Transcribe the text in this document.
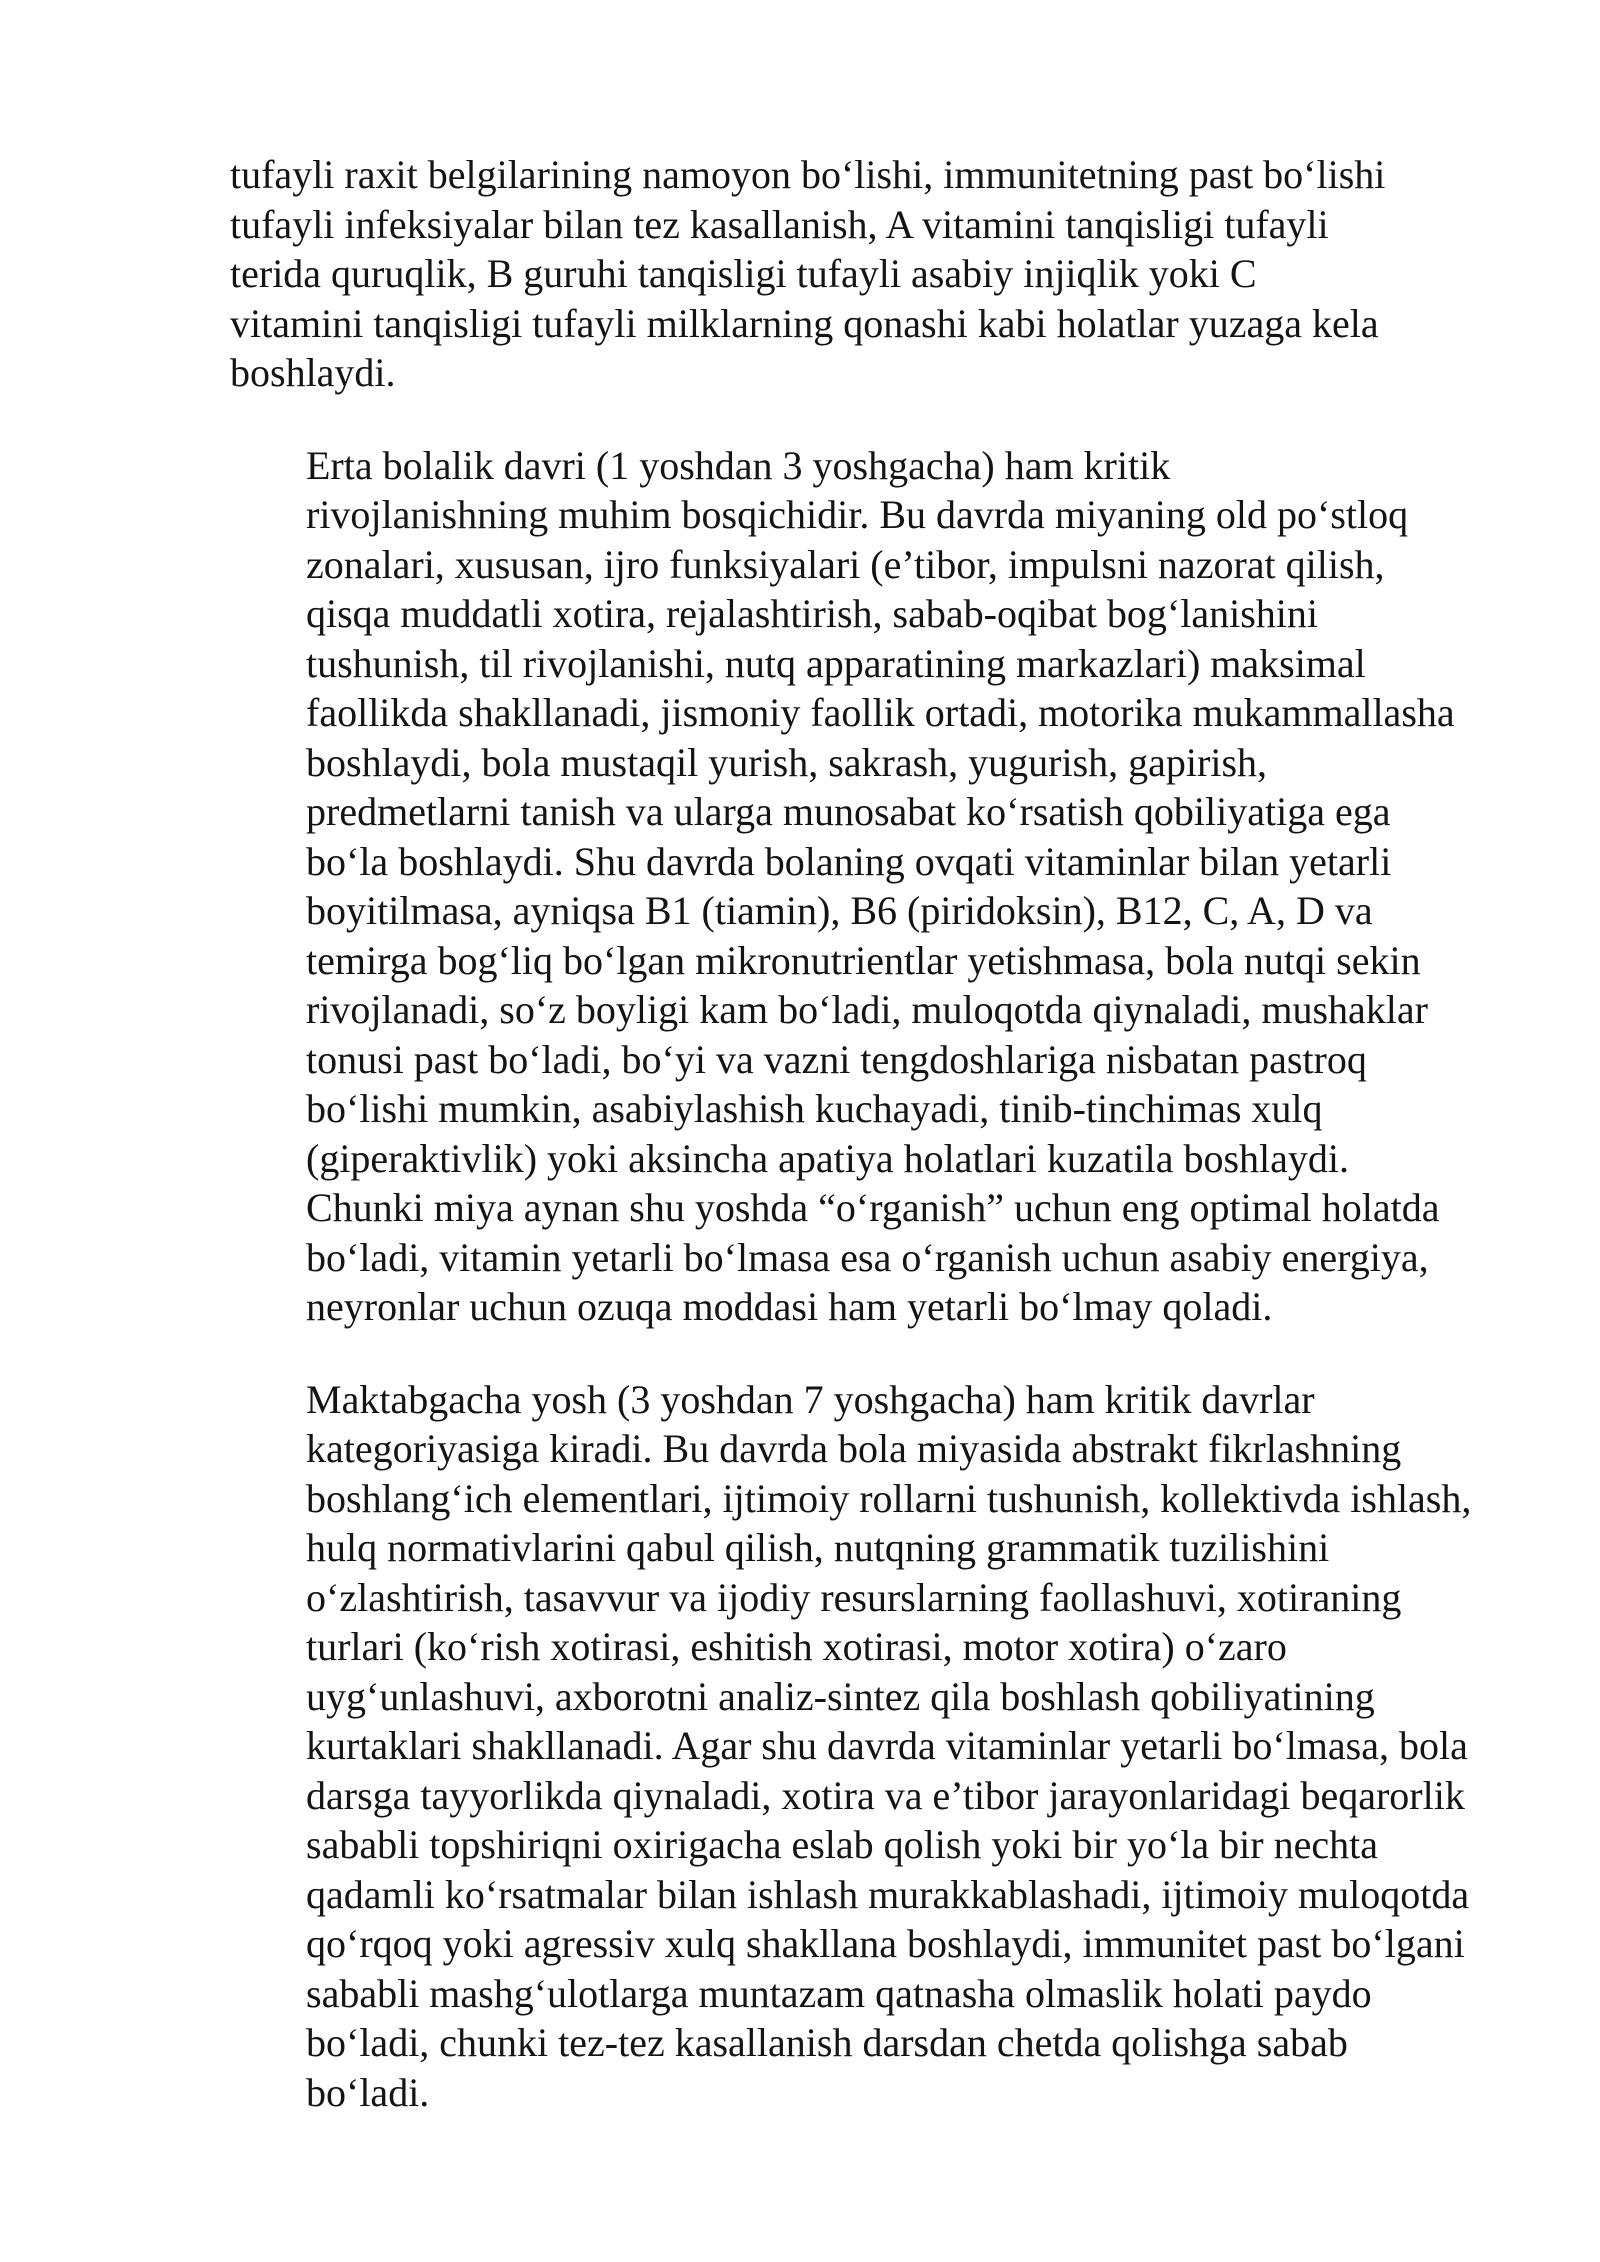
tufayli raxit belgilarining namoyon bo‘lishi, immunitetning past bo‘lishi
tufayli infeksiyalar bilan tez kasallanish, A vitamini tanqisligi tufayli
terida quruqlik, B guruhi tanqisligi tufayli asabiy injiqlik yoki C
vitamini tanqisligi tufayli milklarning qonashi kabi holatlar yuzaga kela
boshlaydi.

Erta bolalik davri (1 yoshdan 3 yoshgacha) ham kritik
rivojlanishning muhim bosqichidir. Bu davrda miyaning old po‘stloq
zonalari, xususan, ijro funksiyalari (e’tibor, impulsni nazorat qilish,
qisqa muddatli xotira, rejalashtirish, sabab-oqibat bog‘lanishini
tushunish, til rivojlanishi, nutq apparatining markazlari) maksimal
faollikda shakllanadi, jismoniy faollik ortadi, motorika mukammallasha
boshlaydi, bola mustaqil yurish, sakrash, yugurish, gapirish,
predmetlarni tanish va ularga munosabat ko‘rsatish qobiliyatiga ega
bo‘la boshlaydi. Shu davrda bolaning ovqati vitaminlar bilan yetarli
boyitilmasa, ayniqsa B1 (tiamin), B6 (piridoksin), B12, C, A, D va
temirga bog‘liq bo‘lgan mikronutrientlar yetishmasa, bola nutqi sekin
rivojlanadi, so‘z boyligi kam bo‘ladi, muloqotda qiynaladi, mushaklar
tonusi past bo‘ladi, bo‘yi va vazni tengdoshlariga nisbatan pastroq
bo‘lishi mumkin, asabiylashish kuchayadi, tinib-tinchimas xulq
(giperaktivlik) yoki aksincha apatiya holatlari kuzatila boshlaydi.
Chunki miya aynan shu yoshda “o‘rganish” uchun eng optimal holatda
bo‘ladi, vitamin yetarli bo‘lmasa esa o‘rganish uchun asabiy energiya,
neyronlar uchun ozuqa moddasi ham yetarli bo‘lmay qoladi.

Maktabgacha yosh (3 yoshdan 7 yoshgacha) ham kritik davrlar
kategoriyasiga kiradi. Bu davrda bola miyasida abstrakt fikrlashning
boshlang‘ich elementlari, ijtimoiy rollarni tushunish, kollektivda ishlash,
hulq normativlarini qabul qilish, nutqning grammatik tuzilishini
o‘zlashtirish, tasavvur va ijodiy resurslarning faollashuvi, xotiraning
turlari (ko‘rish xotirasi, eshitish xotirasi, motor xotira) o‘zaro
uyg‘unlashuvi, axborotni analiz-sintez qila boshlash qobiliyatining
kurtaklari shakllanadi. Agar shu davrda vitaminlar yetarli bo‘lmasa, bola
darsga tayyorlikda qiynaladi, xotira va e’tibor jarayonlaridagi beqarorlik
sababli topshiriqni oxirigacha eslab qolish yoki bir yo‘la bir nechta
qadamli ko‘rsatmalar bilan ishlash murakkablashadi, ijtimoiy muloqotda
qo‘rqoq yoki agressiv xulq shakllana boshlaydi, immunitet past bo‘lgani
sababli mashg‘ulotlarga muntazam qatnasha olmaslik holati paydo
bo‘ladi, chunki tez-tez kasallanish darsdan chetda qolishga sabab
bo‘ladi.
